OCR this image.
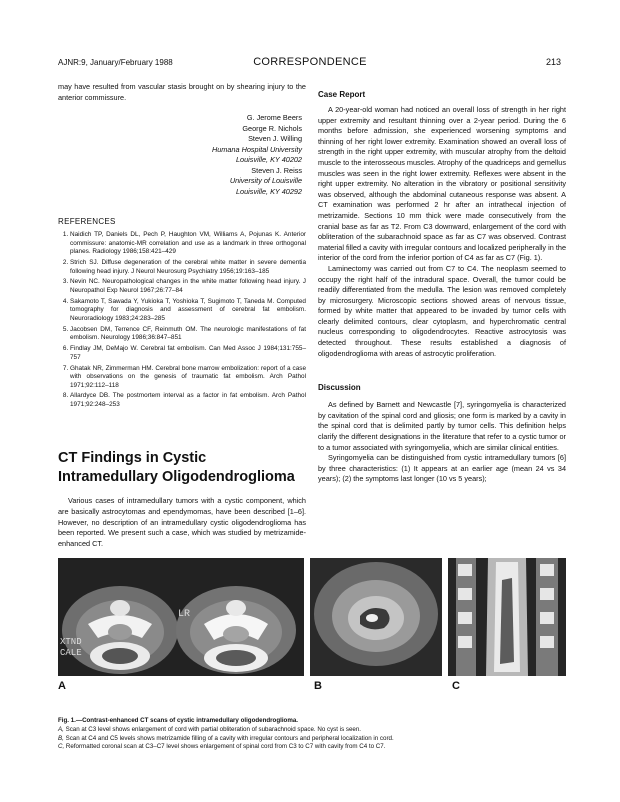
AJNR:9, January/February 1988	CORRESPONDENCE	213

may have resulted from vascular stasis brought on by shearing injury to the anterior commissure.

G. Jerome Beers
George R. Nichols
Steven J. Willing
Humana Hospital University
Louisville, KY 40202
Steven J. Reiss
University of Louisville
Louisville, KY 40292
REFERENCES
1. Naidich TP, Daniels DL, Pech P, Haughton VM, Williams A, Pojunas K. Anterior commissure: anatomic-MR correlation and use as a landmark in three orthogonal planes. Radiology 1986;158:421–429
2. Strich SJ. Diffuse degeneration of the cerebral white matter in severe dementia following head injury. J Neurol Neurosurg Psychiatry 1956;19:163–185
3. Nevin NC. Neuropathological changes in the white matter following head injury. J Neuropathol Exp Neurol 1967;26:77–84
4. Sakamoto T, Sawada Y, Yukioka T, Yoshioka T, Sugimoto T, Taneda M. Computed tomography for diagnosis and assessment of cerebral fat embolism. Neuroradiology 1983;24:283–285
5. Jacobsen DM, Terrence CF, Reinmuth OM. The neurologic manifestations of fat embolism. Neurology 1986;36:847–851
6. Findlay JM, DeMajo W. Cerebral fat embolism. Can Med Assoc J 1984;131:755–757
7. Ghatak NR, Zimmerman HM. Cerebral bone marrow embolization: report of a case with observations on the genesis of traumatic fat embolism. Arch Pathol 1971;92:112–118
8. Allardyce DB. The postmortem interval as a factor in fat embolism. Arch Pathol 1971;92:248–253
CT Findings in Cystic Intramedullary Oligodendroglioma

Various cases of intramedullary tumors with a cystic component, which are basically astrocytomas and ependymomas, have been described [1–6]. However, no description of an intramedullary cystic oligodendroglioma has been reported. We present such a case, which was studied by metrizamide-enhanced CT.

Case Report

A 20-year-old woman had noticed an overall loss of strength in her right upper extremity and resultant thinning over a 2-year period. During the 6 months before admission, she experienced worsening symptoms and thinning of her right lower extremity. Examination showed an overall loss of strength in the right upper extremity, with muscular atrophy from the deltoid muscle to the interosseous muscles. Atrophy of the quadriceps and gemellus muscles was seen in the right lower extremity. Reflexes were absent in the right upper extremity. No alteration in the vibratory or positional sensitivity was observed, although the abdominal cutaneous response was absent. A CT examination was performed 2 hr after an intrathecal injection of metrizamide. Sections 10 mm thick were made consecutively from the cranial base as far as T2. From C3 downward, enlargement of the cord with obliteration of the subarachnoid space as far as C7 was observed. Contrast material filled a cavity with irregular contours and localized peripherally in the interior of the cord from the inferior portion of C4 as far as C7 (Fig. 1).

Laminectomy was carried out from C7 to C4. The neoplasm seemed to occupy the right half of the intradural space. Overall, the tumor could be readily differentiated from the medulla. The lesion was removed completely by microsurgery. Microscopic sections showed areas of nervous tissue, formed by white matter that appeared to be invaded by tumor cells with clearly delimited contours, clear cytoplasm, and hyperchromatic central nucleus corresponding to oligodendrocytes. Reactive astrocytosis was detected throughout. These results established a diagnosis of oligodendroglioma with areas of astrocytic proliferation.

Discussion

As defined by Barnett and Newcastle [7], syringomyelia is characterized by cavitation of the spinal cord and gliosis; one form is marked by a cavity in the spinal cord that is delimited partly by tumor cells. This definition helps clarify the different designations in the literature that refer to a cystic tumor or to a tumor associated with syringomyelia, which are similar clinical entities.

Syringomyelia can be distinguished from cystic intramedullary tumors [6] by three characteristics: (1) It appears at an earlier age (mean 24 vs 34 years); (2) the symptoms last longer (10 vs 5 years);

XTND
CALE
LR
A	B	C
Fig. 1.—Contrast-enhanced CT scans of cystic intramedullary oligodendroglioma.
A, Scan at C3 level shows enlargement of cord with partial obliteration of subarachnoid space. No cyst is seen.
B, Scan at C4 and C5 levels shows metrizamide filling of a cavity with irregular contours and peripheral localization in cord.
C, Reformatted coronal scan at C3–C7 level shows enlargement of spinal cord from C3 to C7 with cavity from C4 to C7.
